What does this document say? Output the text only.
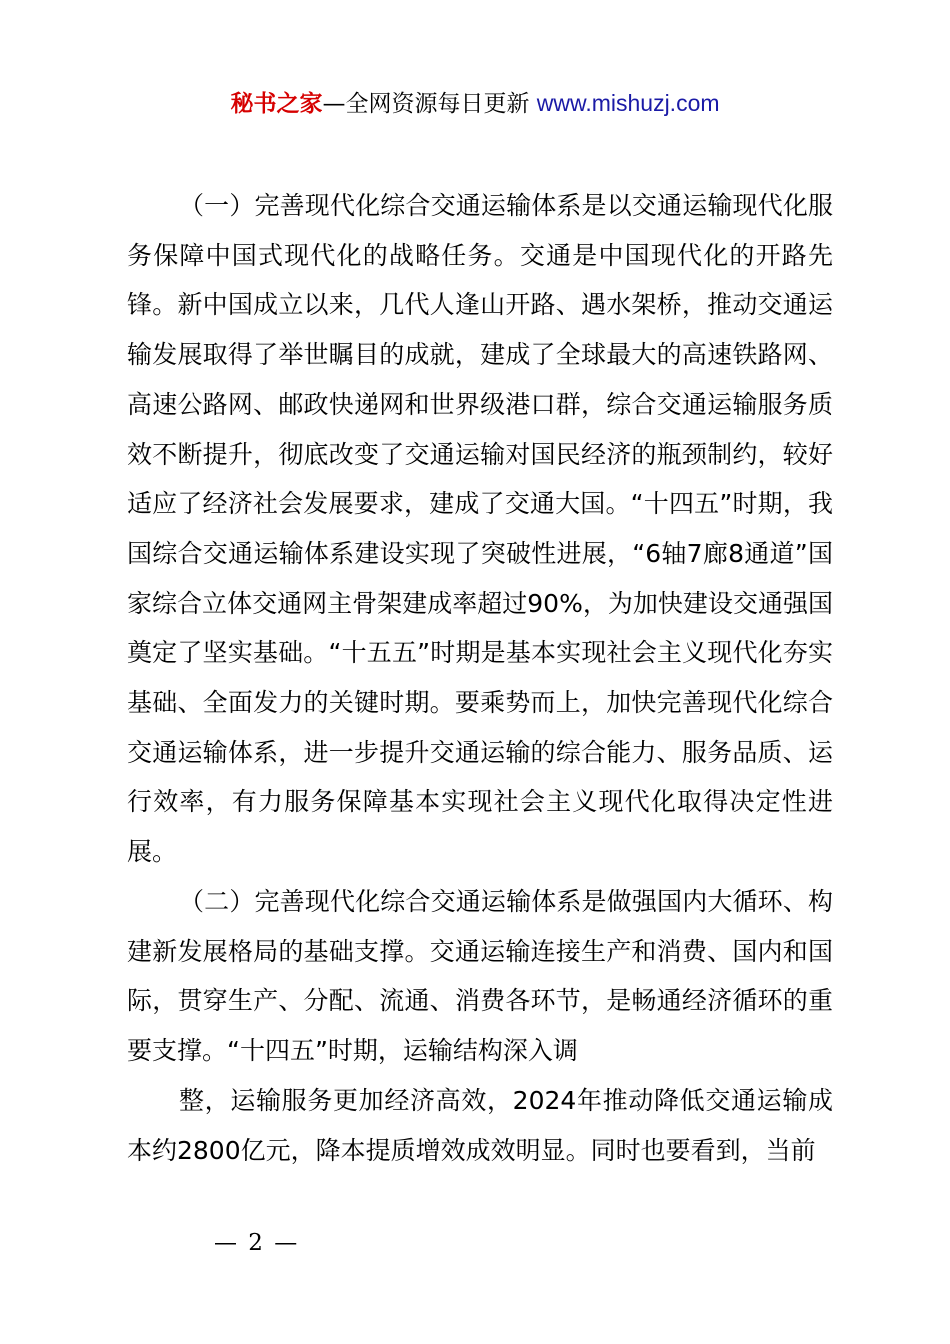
秘书之家—全网资源每日更新 www.mishuzj.com

（一）完善现代化综合交通运输体系是以交通运输现代化服务保障中国式现代化的战略任务。交通是中国现代化的开路先锋。新中国成立以来，几代人逢山开路、遇水架桥，推动交通运输发展取得了举世瞩目的成就，建成了全球最大的高速铁路网、高速公路网、邮政快递网和世界级港口群，综合交通运输服务质效不断提升，彻底改变了交通运输对国民经济的瓶颈制约，较好适应了经济社会发展要求，建成了交通大国。“十四五”时期，我国综合交通运输体系建设实现了突破性进展，“6轴7廊8通道”国家综合立体交通网主骨架建成率超过90%，为加快建设交通强国奠定了坚实基础。“十五五”时期是基本实现社会主义现代化夯实基础、全面发力的关键时期。要乘势而上，加快完善现代化综合交通运输体系，进一步提升交通运输的综合能力、服务品质、运行效率，有力服务保障基本实现社会主义现代化取得决定性进展。

（二）完善现代化综合交通运输体系是做强国内大循环、构建新发展格局的基础支撑。交通运输连接生产和消费、国内和国际，贯穿生产、分配、流通、消费各环节，是畅通经济循环的重要支撑。“十四五”时期，运输结构深入调

整，运输服务更加经济高效，2024年推动降低交通运输成本约2800亿元，降本提质增效成效明显。同时也要看到，当前

— 2 —
